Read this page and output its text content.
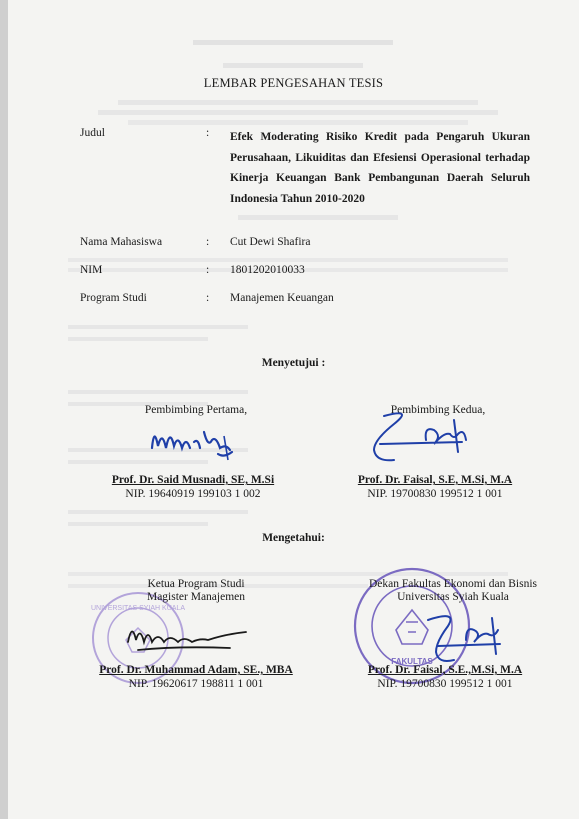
LEMBAR PENGESAHAN TESIS
Judul	: Efek Moderating Risiko Kredit pada Pengaruh Ukuran Perusahaan, Likuiditas dan Efesiensi Operasional terhadap Kinerja Keuangan Bank Pembangunan Daerah Seluruh Indonesia Tahun 2010-2020
Nama Mahasiswa	: Cut Dewi Shafira
NIM	: 1801202010033
Program Studi	: Manajemen Keuangan
Menyetujui :
Pembimbing Pertama,	Pembimbing Kedua,
Prof. Dr. Said Musnadi, SE, M.Si
NIP. 19640919 199103 1 002
Prof. Dr. Faisal, S.E, M.Si, M.A
NIP. 19700830 199512 1 001
Mengetahui:
UNIVERSITAS SYIAH KUALA
FAKULTAS
Ketua Program Studi
Magister Manajemen
Dekan Fakultas Ekonomi dan Bisnis
Universitas Syiah Kuala
Prof. Dr. Muhammad Adam, SE., MBA
NIP. 19620617 198811 1 001
Prof. Dr. Faisal, S.E.,M.Si, M.A
NIP. 19700830 199512 1 001
